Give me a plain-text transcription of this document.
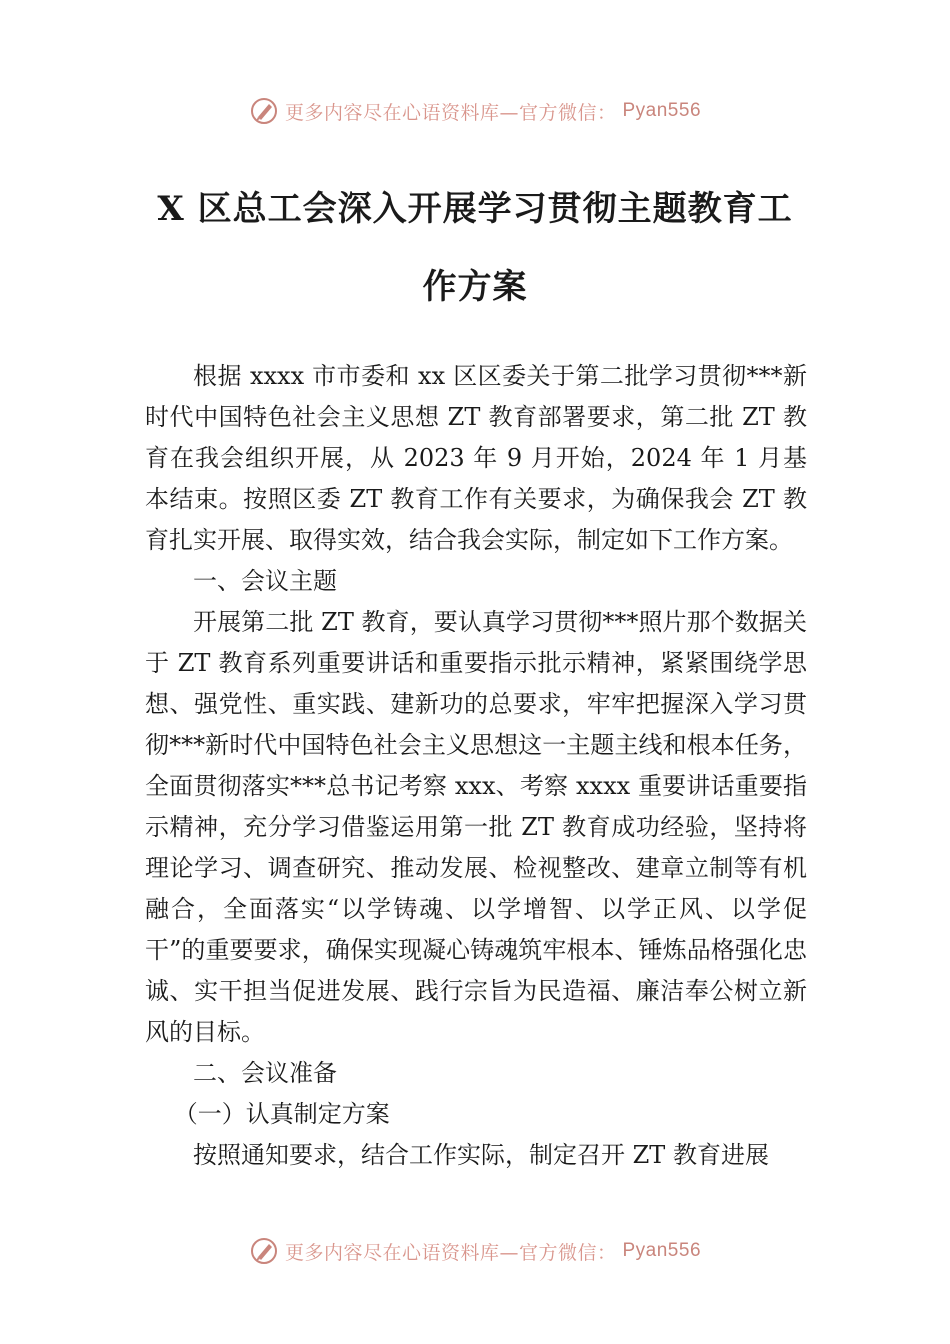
更多内容尽在心语资料库—官方微信： Pyan556
X 区总工会深入开展学习贯彻主题教育工
作方案

根据 xxxx 市市委和 xx 区区委关于第二批学习贯彻***新时代中国特色社会主义思想 ZT 教育部署要求，第二批 ZT 教育在我会组织开展，从 2023 年 9 月开始，2024 年 1 月基本结束。按照区委 ZT 教育工作有关要求，为确保我会 ZT 教育扎实开展、取得实效，结合我会实际，制定如下工作方案。

一、会议主题

开展第二批 ZT 教育，要认真学习贯彻***照片那个数据关于 ZT 教育系列重要讲话和重要指示批示精神，紧紧围绕学思想、强党性、重实践、建新功的总要求，牢牢把握深入学习贯彻***新时代中国特色社会主义思想这一主题主线和根本任务，全面贯彻落实***总书记考察 xxx、考察 xxxx 重要讲话重要指示精神，充分学习借鉴运用第一批 ZT 教育成功经验，坚持将理论学习、调查研究、推动发展、检视整改、建章立制等有机融合，全面落实“以学铸魂、以学增智、以学正风、以学促干”的重要要求，确保实现凝心铸魂筑牢根本、锤炼品格强化忠诚、实干担当促进发展、践行宗旨为民造福、廉洁奉公树立新风的目标。

二、会议准备

（一）认真制定方案

按照通知要求，结合工作实际，制定召开 ZT 教育进展

更多内容尽在心语资料库—官方微信： Pyan556
